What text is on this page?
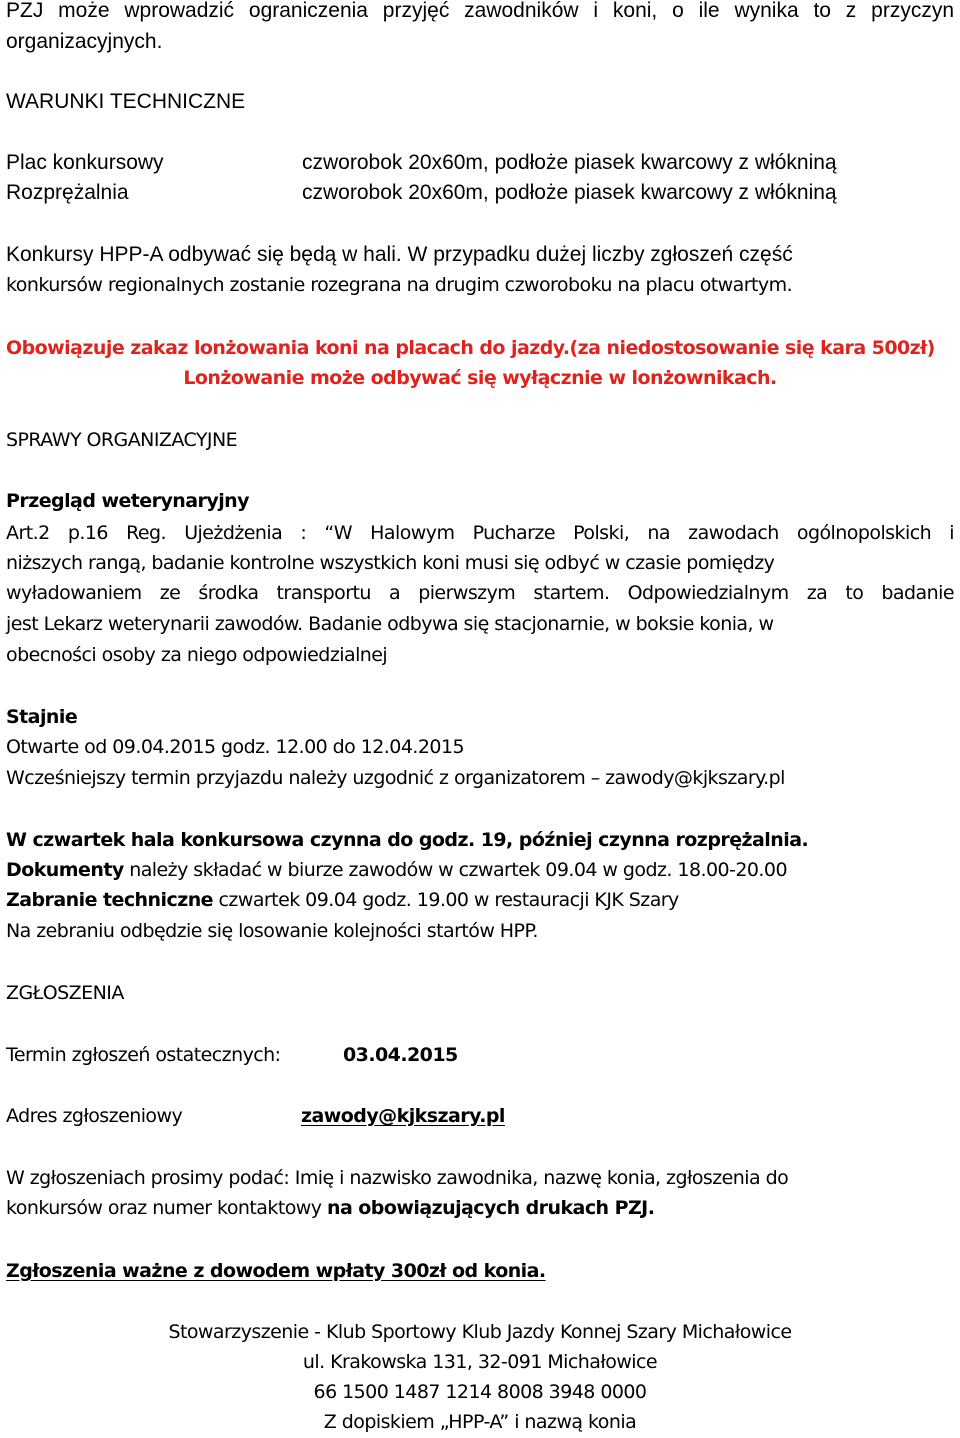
PZJ może wprowadzić ograniczenia przyjęć zawodników i koni, o ile wynika to z przyczyn
organizacyjnych.
WARUNKI TECHNICZNE
Plac konkursowy	czworobok 20x60m, podłoże piasek kwarcowy z włókniną
Rozprężalnia	czworobok 20x60m, podłoże piasek kwarcowy z włókniną
Konkursy HPP-A odbywać się będą w hali. W przypadku dużej liczby zgłoszeń część
konkursów regionalnych zostanie rozegrana na drugim czworoboku na placu otwartym.
Obowiązuje zakaz lonżowania koni na placach do jazdy.(za niedostosowanie się kara 500zł)
Lonżowanie może odbywać się wyłącznie w lonżownikach.
SPRAWY ORGANIZACYJNE
Przegląd weterynaryjny
Art.2 p.16 Reg. Ujeżdżenia : “W Halowym Pucharze Polski, na zawodach ogólnopolskich i
niższych rangą, badanie kontrolne wszystkich koni musi się odbyć w czasie pomiędzy
wyładowaniem ze środka transportu a pierwszym startem. Odpowiedzialnym za to badanie
jest Lekarz weterynarii zawodów. Badanie odbywa się stacjonarnie, w boksie konia, w
obecności osoby za niego odpowiedzialnej
Stajnie
Otwarte od 09.04.2015 godz. 12.00 do 12.04.2015
Wcześniejszy termin przyjazdu należy uzgodnić z organizatorem – zawody@kjkszary.pl
W czwartek hala konkursowa czynna do godz. 19, później czynna rozprężalnia.
Dokumenty należy składać w biurze zawodów w czwartek 09.04 w godz. 18.00-20.00
Zabranie techniczne czwartek 09.04 godz. 19.00 w restauracji KJK Szary
Na zebraniu odbędzie się losowanie kolejności startów HPP.
ZGŁOSZENIA
Termin zgłoszeń ostatecznych:	03.04.2015
Adres zgłoszeniowy	zawody@kjkszary.pl
W zgłoszeniach prosimy podać: Imię i nazwisko zawodnika, nazwę konia, zgłoszenia do
konkursów oraz numer kontaktowy na obowiązujących drukach PZJ.
Zgłoszenia ważne z dowodem wpłaty 300zł od konia.
Stowarzyszenie - Klub Sportowy Klub Jazdy Konnej Szary Michałowice
ul. Krakowska 131, 32-091 Michałowice
66 1500 1487 1214 8008 3948 0000
Z dopiskiem „HPP-A” i nazwą konia
